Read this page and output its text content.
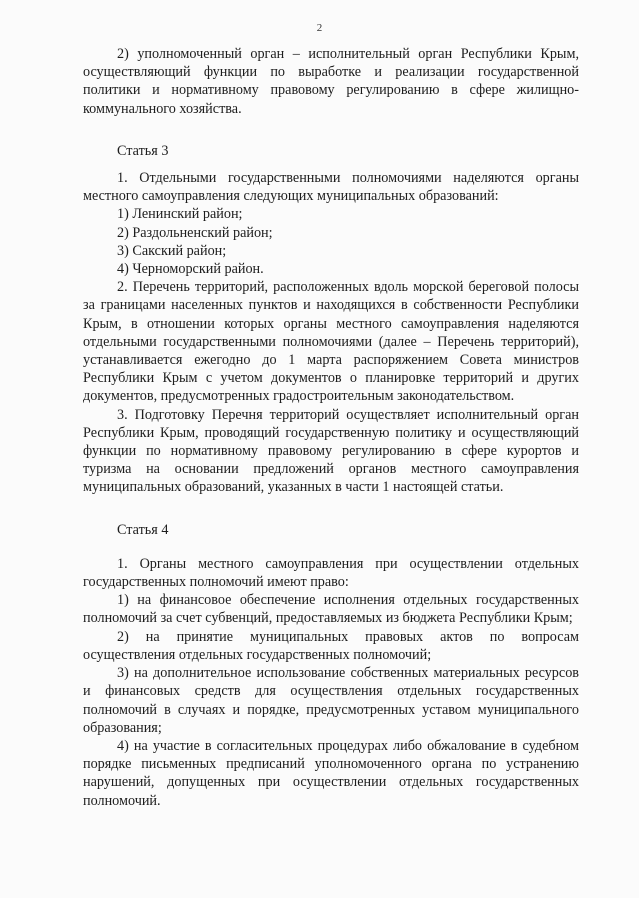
2

2) уполномоченный орган – исполнительный орган Республики Крым, осуществляющий функции по выработке и реализации государственной политики и нормативному правовому регулированию в сфере жилищно-коммунального хозяйства.

Статья 3

1. Отдельными государственными полномочиями наделяются органы местного самоуправления следующих муниципальных образований:

1) Ленинский район;

2) Раздольненский район;

3) Сакский район;

4) Черноморский район.

2. Перечень территорий, расположенных вдоль морской береговой полосы за границами населенных пунктов и находящихся в собственности Республики Крым, в отношении которых органы местного самоуправления наделяются отдельными государственными полномочиями (далее – Перечень территорий), устанавливается ежегодно до 1 марта распоряжением Совета министров Республики Крым с учетом документов о планировке территорий и других документов, предусмотренных градостроительным законодательством.

3. Подготовку Перечня территорий осуществляет исполнительный орган Республики Крым, проводящий государственную политику и осуществляющий функции по нормативному правовому регулированию в сфере курортов и туризма на основании предложений органов местного самоуправления муниципальных образований, указанных в части 1 настоящей статьи.

Статья 4

1. Органы местного самоуправления при осуществлении отдельных государственных полномочий имеют право:

1) на финансовое обеспечение исполнения отдельных государственных полномочий за счет субвенций, предоставляемых из бюджета Республики Крым;

2) на принятие муниципальных правовых актов по вопросам осуществления отдельных государственных полномочий;

3) на дополнительное использование собственных материальных ресурсов и финансовых средств для осуществления отдельных государственных полномочий в случаях и порядке, предусмотренных уставом муниципального образования;

4) на участие в согласительных процедурах либо обжалование в судебном порядке письменных предписаний уполномоченного органа по устранению нарушений, допущенных при осуществлении отдельных государственных полномочий.
